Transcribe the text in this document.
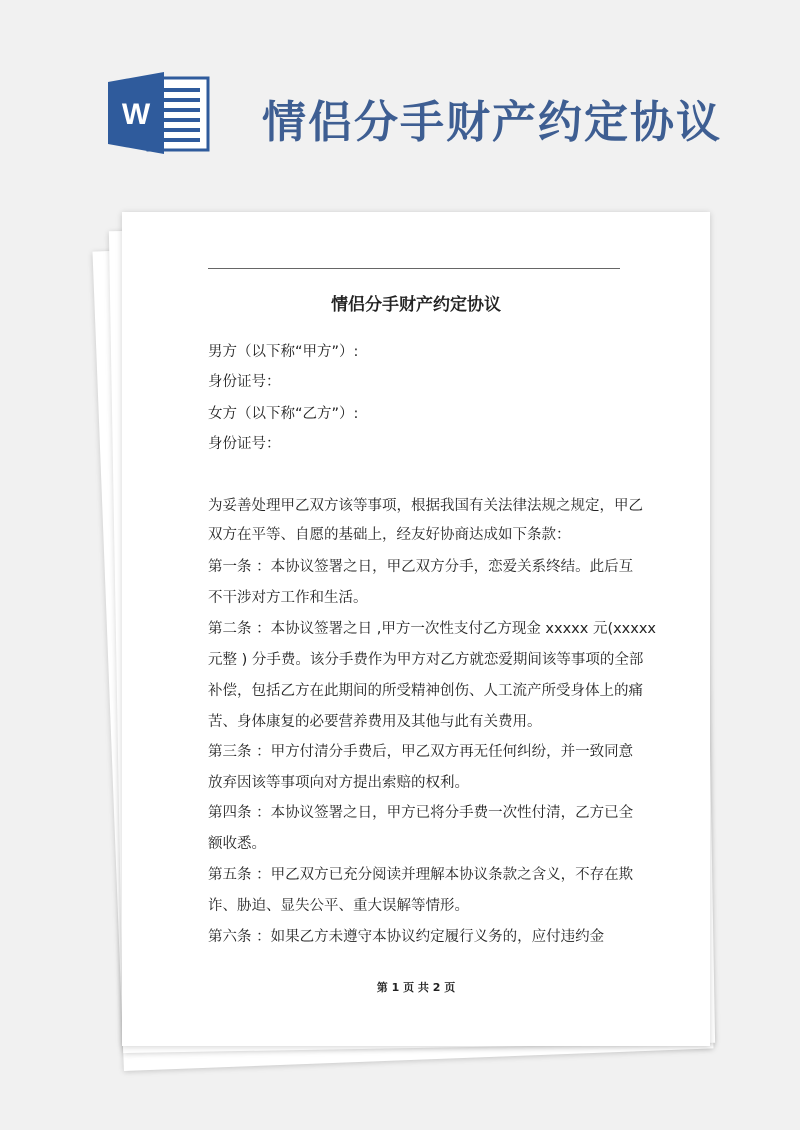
W	情侣分手财产约定协议
情侣分手财产约定协议
男方（以下称“甲方”）:
身份证号：
女方（以下称“乙方”）:
身份证号：
为妥善处理甲乙双方该等事项，根据我国有关法律法规之规定，甲乙
双方在平等、自愿的基础上，经友好协商达成如下条款：
第一条 ：本协议签署之日，甲乙双方分手，恋爱关系终结。此后互
不干涉对方工作和生活。
第二条 ：本协议签署之日 ,甲方一次性支付乙方现金 xxxxx 元(xxxxx
元整 ) 分手费。该分手费作为甲方对乙方就恋爱期间该等事项的全部
补偿，包括乙方在此期间的所受精神创伤、人工流产所受身体上的痛
苦、身体康复的必要营养费用及其他与此有关费用。
第三条 ：甲方付清分手费后，甲乙双方再无任何纠纷，并一致同意
放弃因该等事项向对方提出索赔的权利。
第四条 ：本协议签署之日，甲方已将分手费一次性付清，乙方已全
额收悉。
第五条 ：甲乙双方已充分阅读并理解本协议条款之含义，不存在欺
诈、胁迫、显失公平、重大误解等情形。
第六条 ：如果乙方未遵守本协议约定履行义务的，应付违约金
第 1 页 共 2 页
